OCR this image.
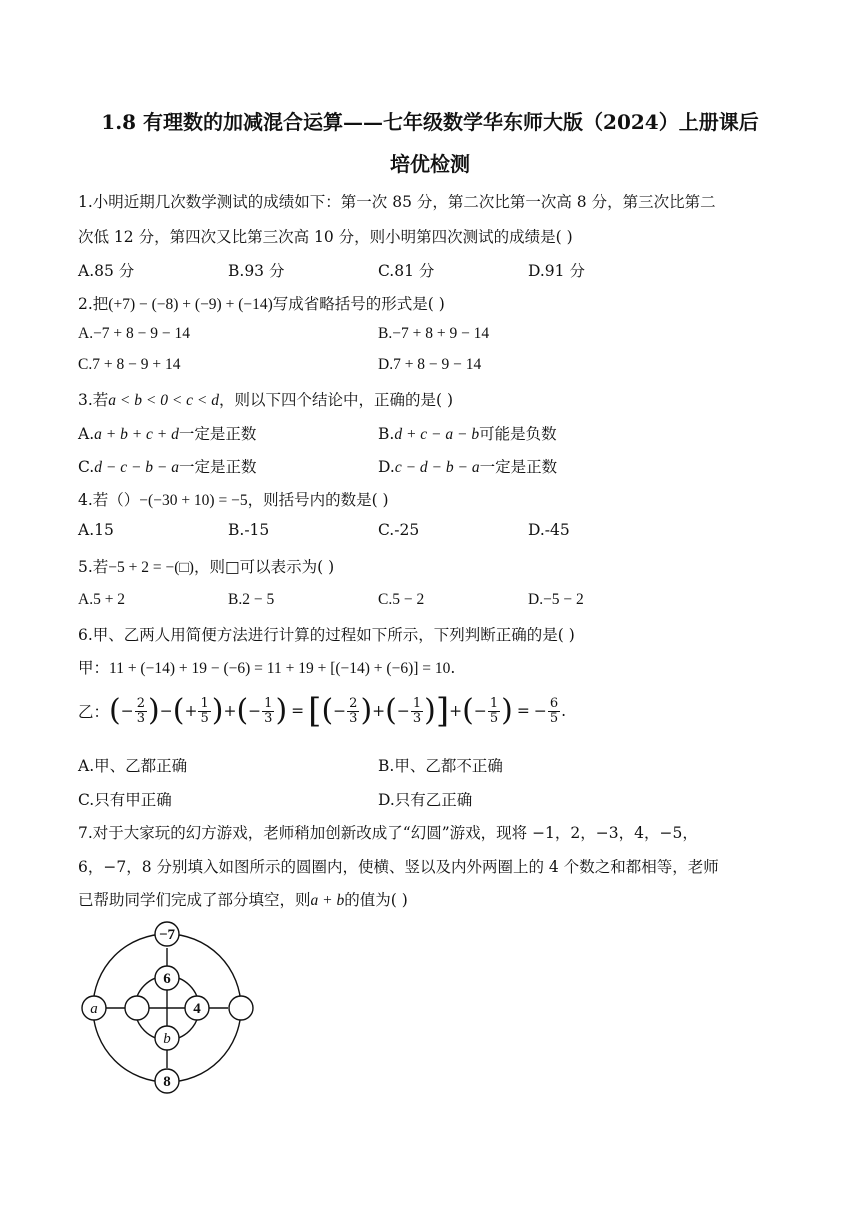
1.8 有理数的加减混合运算——七年级数学华东师大版（2024）上册课后
培优检测
1.小明近期几次数学测试的成绩如下：第一次 85 分，第二次比第一次高 8 分，第三次比第二
次低 12 分，第四次又比第三次高 10 分，则小明第四次测试的成绩是( )
A.85 分	B.93 分	C.81 分	D.91 分
2.把(+7) − (−8) + (−9) + (−14)写成省略括号的形式是( )
A.−7 + 8 − 9 − 14	B.−7 + 8 + 9 − 14
C.7 + 8 − 9 + 14	D.7 + 8 − 9 − 14
3.若a < b < 0 < c < d，则以下四个结论中，正确的是( )
A.a + b + c + d一定是正数	B.d + c − a − b可能是负数
C.d − c − b − a一定是正数	D.c − d − b − a一定是正数
4.若（）−(−30 + 10) = −5，则括号内的数是( )
A.15	B.-15	C.-25	D.-45
5.若−5 + 2 = −(□)，则□可以表示为( )
A.5 + 2	B.2 − 5	C.5 − 2	D.−5 − 2
6.甲、乙两人用简便方法进行计算的过程如下所示，下列判断正确的是( )
甲：11 + (−14) + 19 − (−6) = 11 + 19 + [(−14) + (−6)] = 10.
乙： ( − $\frac{2}{3}$ ) − ( + $\frac{1}{5}$ ) + ( − $\frac{1}{3}$ ) = [ ( − $\frac{2}{3}$ ) + ( − $\frac{1}{3}$ ) ] + ( − $\frac{1}{5}$ ) = − $\frac{6}{5}$ .
A.甲、乙都正确	B.甲、乙都不正确
C.只有甲正确	D.只有乙正确
7.对于大家玩的幻方游戏，老师稍加创新改成了“幻圆”游戏，现将 −1，2，−3，4，−5，
6，−7，8 分别填入如图所示的圆圈内，使横、竖以及内外两圈上的 4 个数之和都相等，老师
已帮助同学们完成了部分填空，则a + b的值为( )
−7
6
a	4
b
8
